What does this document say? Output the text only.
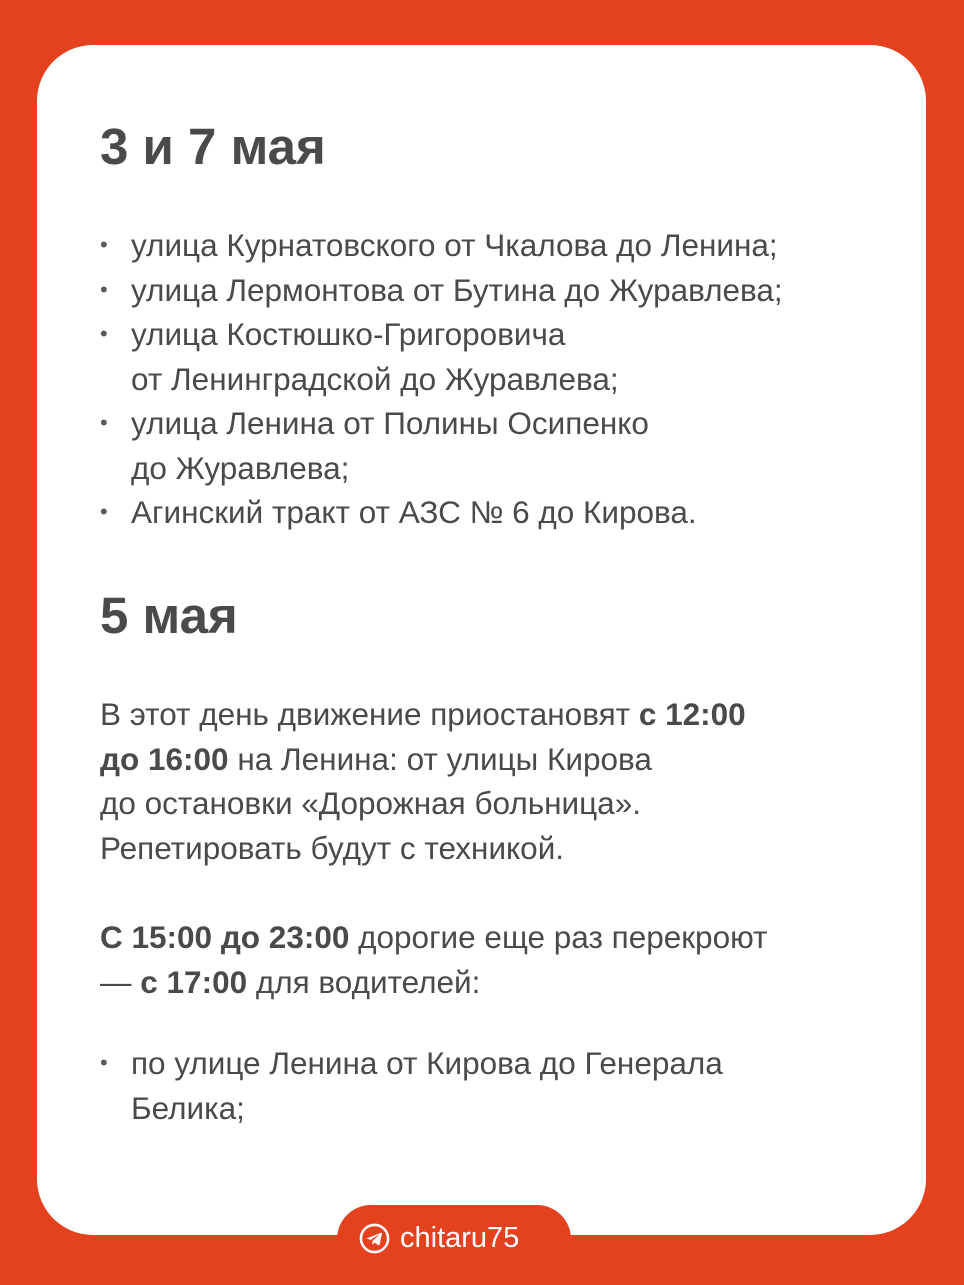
3 и 7 мая
• улица Курнатовского от Чкалова до Ленина;
• улица Лермонтова от Бутина до Журавлева;
• улица Костюшко-Григоровича
от Ленинградской до Журавлева;
• улица Ленина от Полины Осипенко
до Журавлева;
• Агинский тракт от АЗС № 6 до Кирова.
5 мая

В этот день движение приостановят с 12:00
до 16:00 на Ленина: от улицы Кирова
до остановки «Дорожная больница».
Репетировать будут с техникой.

С 15:00 до 23:00 дорогие еще раз перекроют
— с 17:00 для водителей:

• по улице Ленина от Кирова до Генерала
Белика;
chitaru75
